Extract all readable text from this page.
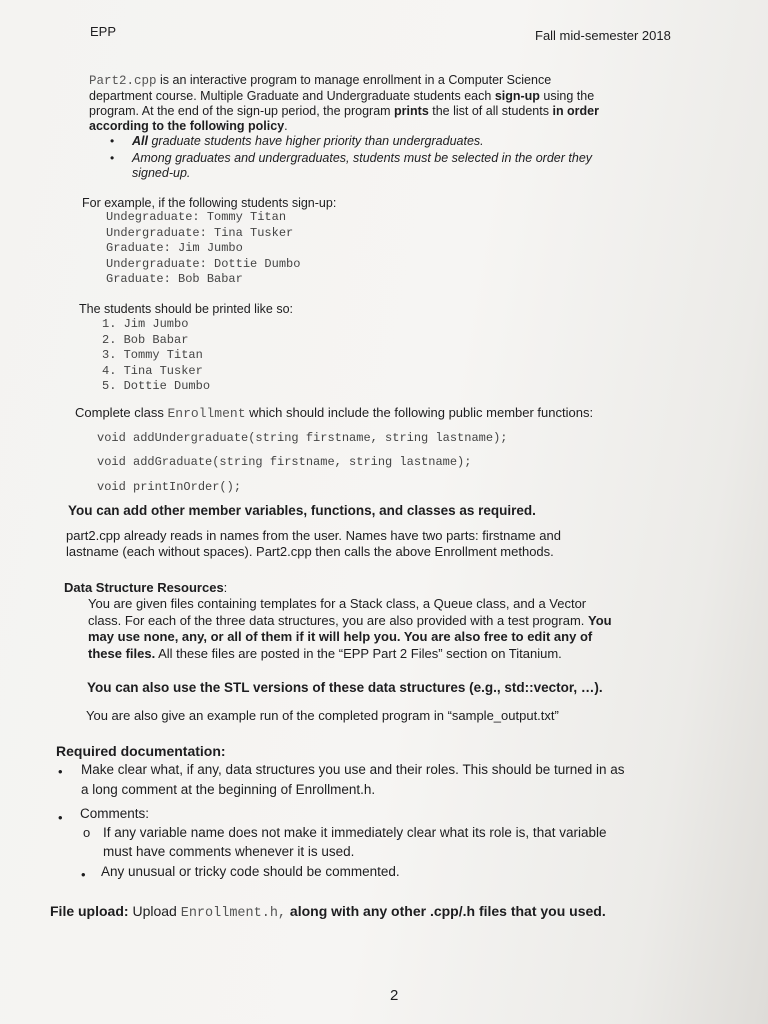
EPP	Fall mid-semester 2018
Part2.cpp is an interactive program to manage enrollment in a Computer Science
department course. Multiple Graduate and Undergraduate students each sign-up using the
program. At the end of the sign-up period, the program prints the list of all students in order
according to the following policy.
• All graduate students have higher priority than undergraduates.
• Among graduates and undergraduates, students must be selected in the order they
signed-up.
For example, if the following students sign-up:
Undegraduate: Tommy Titan
Undergraduate: Tina Tusker
Graduate: Jim Jumbo
Undergraduate: Dottie Dumbo
Graduate: Bob Babar
The students should be printed like so:
1. Jim Jumbo
2. Bob Babar
3. Tommy Titan
4. Tina Tusker
5. Dottie Dumbo
Complete class Enrollment which should include the following public member functions:
void addUndergraduate(string firstname, string lastname);
void addGraduate(string firstname, string lastname);
void printInOrder();
You can add other member variables, functions, and classes as required.
part2.cpp already reads in names from the user. Names have two parts: firstname and
lastname (each without spaces). Part2.cpp then calls the above Enrollment methods.
Data Structure Resources:
You are given files containing templates for a Stack class, a Queue class, and a Vector
class. For each of the three data structures, you are also provided with a test program. You
may use none, any, or all of them if it will help you. You are also free to edit any of
these files. All these files are posted in the “EPP Part 2 Files” section on Titanium.
You can also use the STL versions of these data structures (e.g., std::vector, …).
You are also give an example run of the completed program in “sample_output.txt”
Required documentation:
• Make clear what, if any, data structures you use and their roles. This should be turned in as
a long comment at the beginning of Enrollment.h.
• Comments:
o If any variable name does not make it immediately clear what its role is, that variable
must have comments whenever it is used.
• Any unusual or tricky code should be commented.
File upload: Upload Enrollment.h, along with any other .cpp/.h files that you used.
2
